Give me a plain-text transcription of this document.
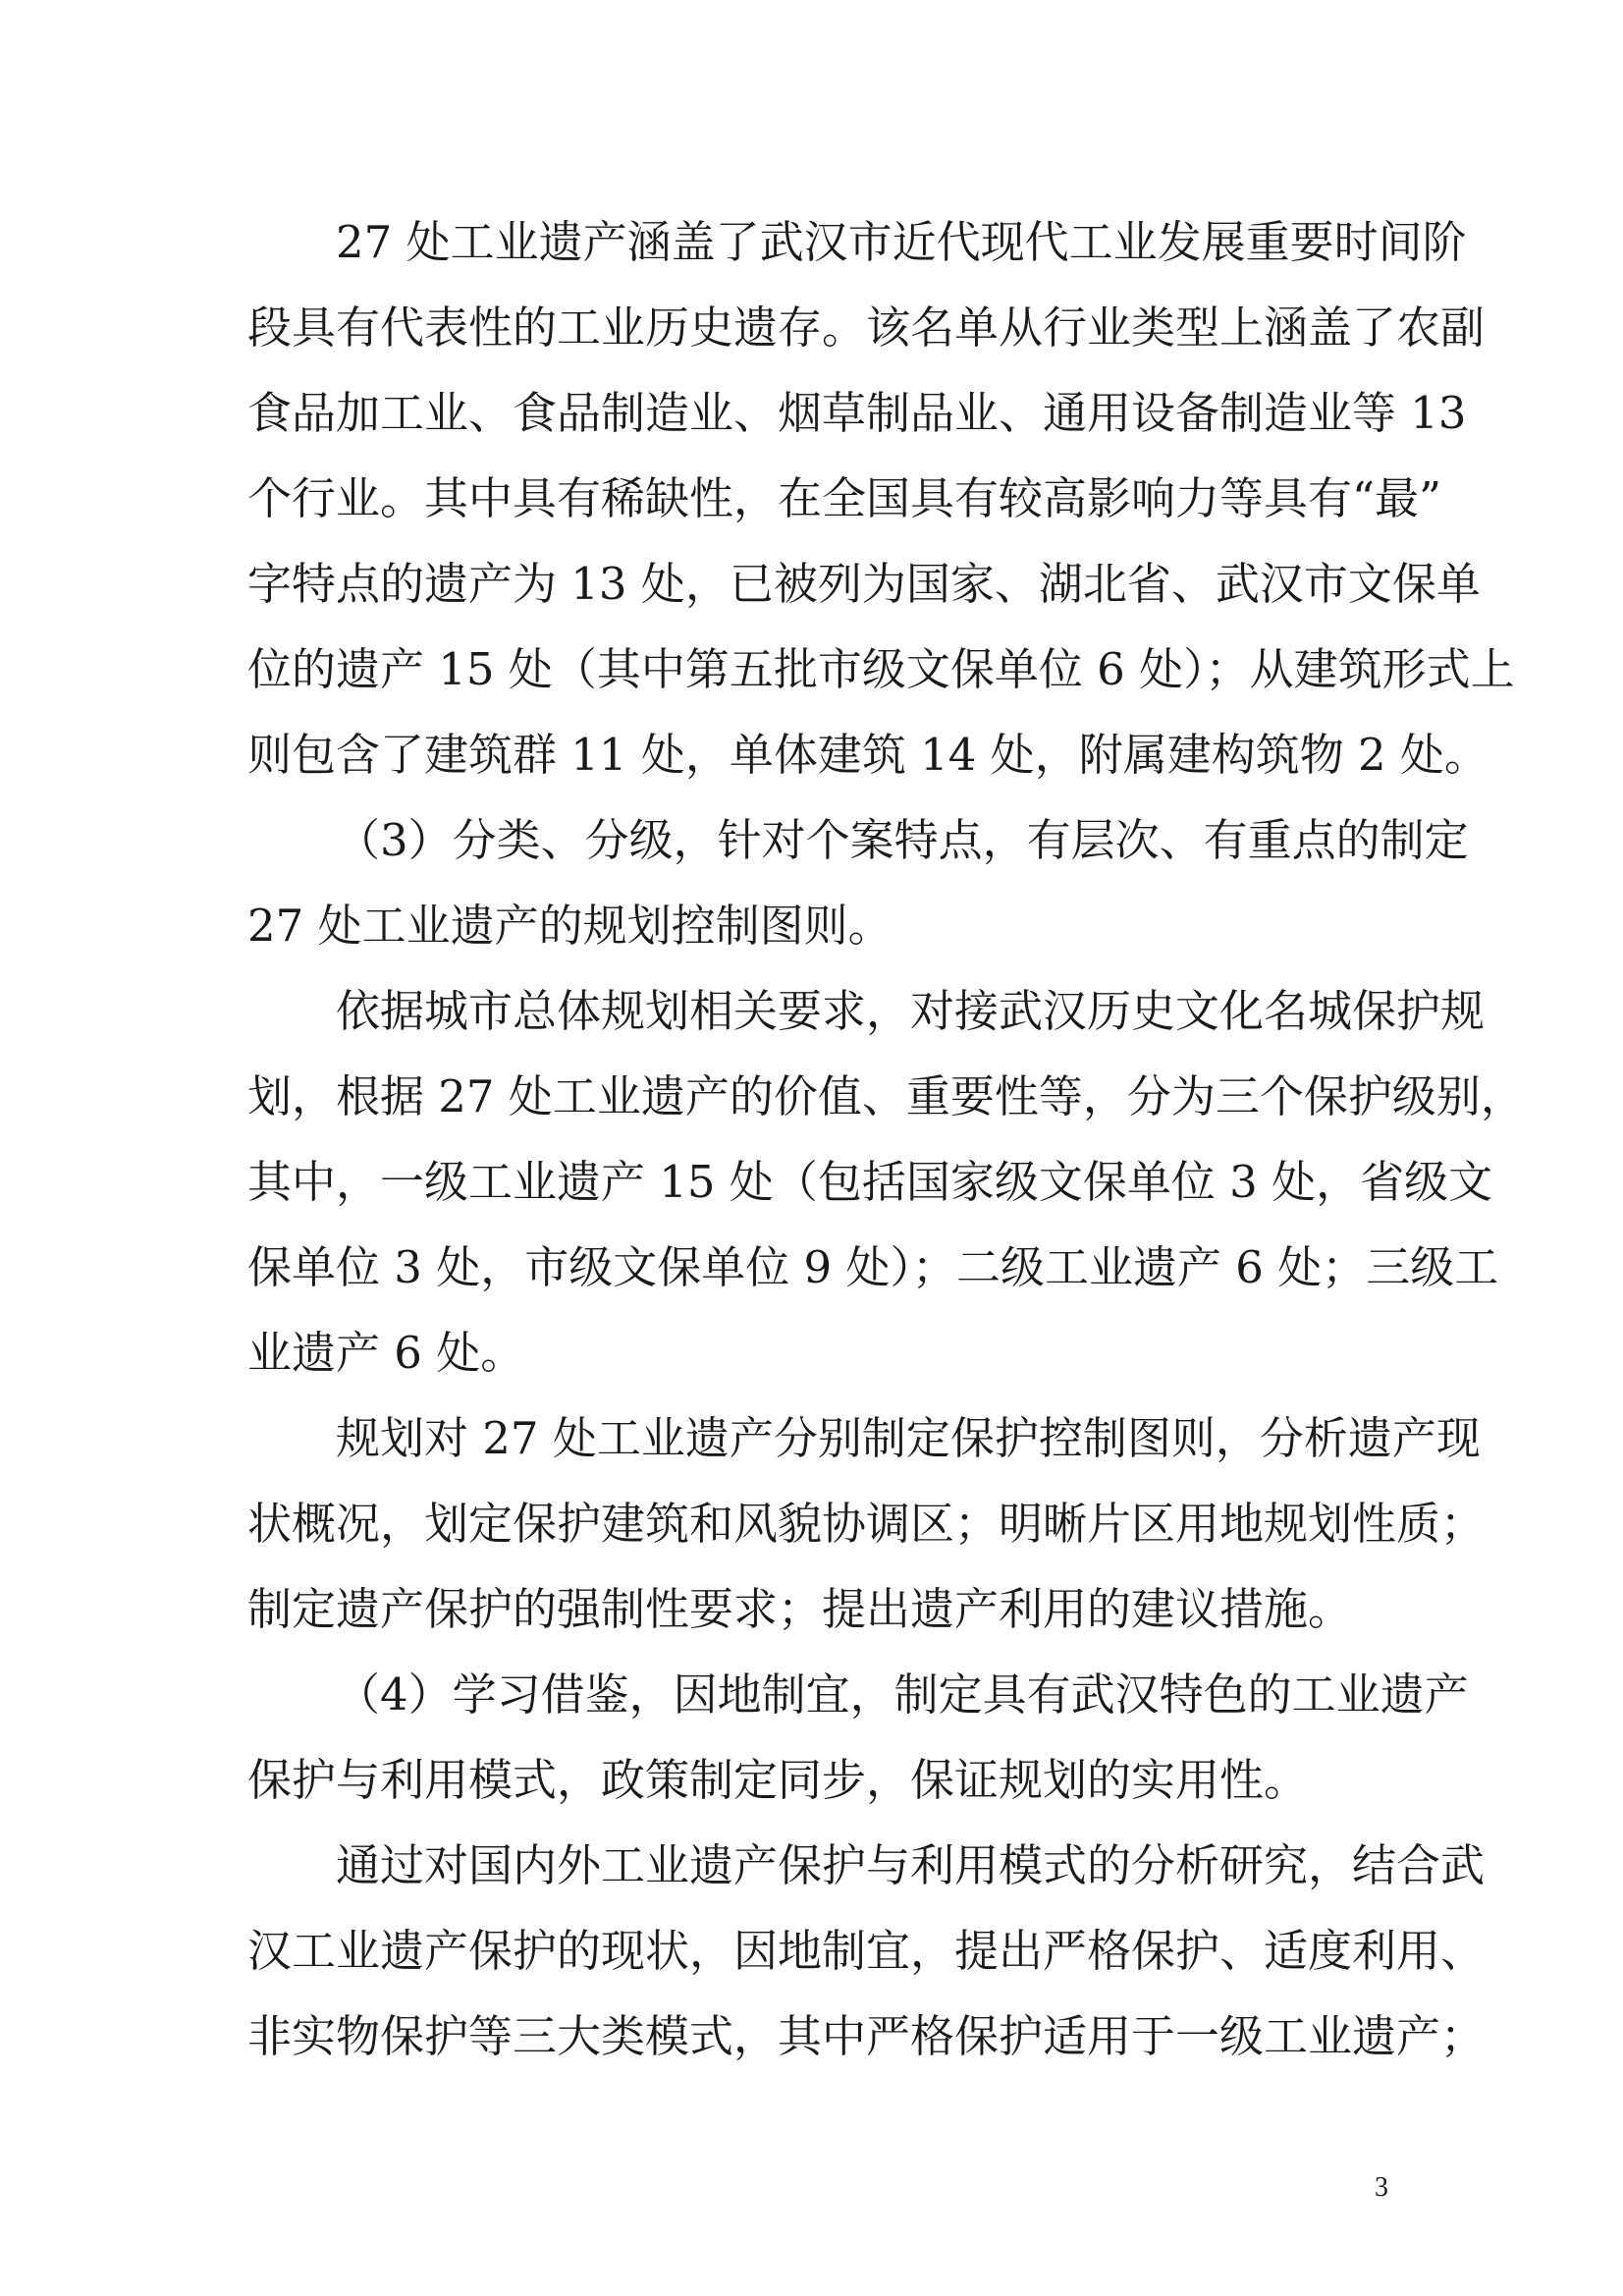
27 处工业遗产涵盖了武汉市近代现代工业发展重要时间阶
段具有代表性的工业历史遗存。该名单从行业类型上涵盖了农副
食品加工业、食品制造业、烟草制品业、通用设备制造业等 13
个行业。其中具有稀缺性，在全国具有较高影响力等具有“最”
字特点的遗产为 13 处，已被列为国家、湖北省、武汉市文保单
位的遗产 15 处（其中第五批市级文保单位 6 处）；从建筑形式上
则包含了建筑群 11 处，单体建筑 14 处，附属建构筑物 2 处。
（3）分类、分级，针对个案特点，有层次、有重点的制定
27 处工业遗产的规划控制图则。
依据城市总体规划相关要求，对接武汉历史文化名城保护规
划，根据 27 处工业遗产的价值、重要性等，分为三个保护级别，
其中，一级工业遗产 15 处（包括国家级文保单位 3 处，省级文
保单位 3 处，市级文保单位 9 处）；二级工业遗产 6 处；三级工
业遗产 6 处。
规划对 27 处工业遗产分别制定保护控制图则，分析遗产现
状概况，划定保护建筑和风貌协调区；明晰片区用地规划性质；
制定遗产保护的强制性要求；提出遗产利用的建议措施。
（4）学习借鉴，因地制宜，制定具有武汉特色的工业遗产
保护与利用模式，政策制定同步，保证规划的实用性。
通过对国内外工业遗产保护与利用模式的分析研究，结合武
汉工业遗产保护的现状，因地制宜，提出严格保护、适度利用、
非实物保护等三大类模式，其中严格保护适用于一级工业遗产；
3
